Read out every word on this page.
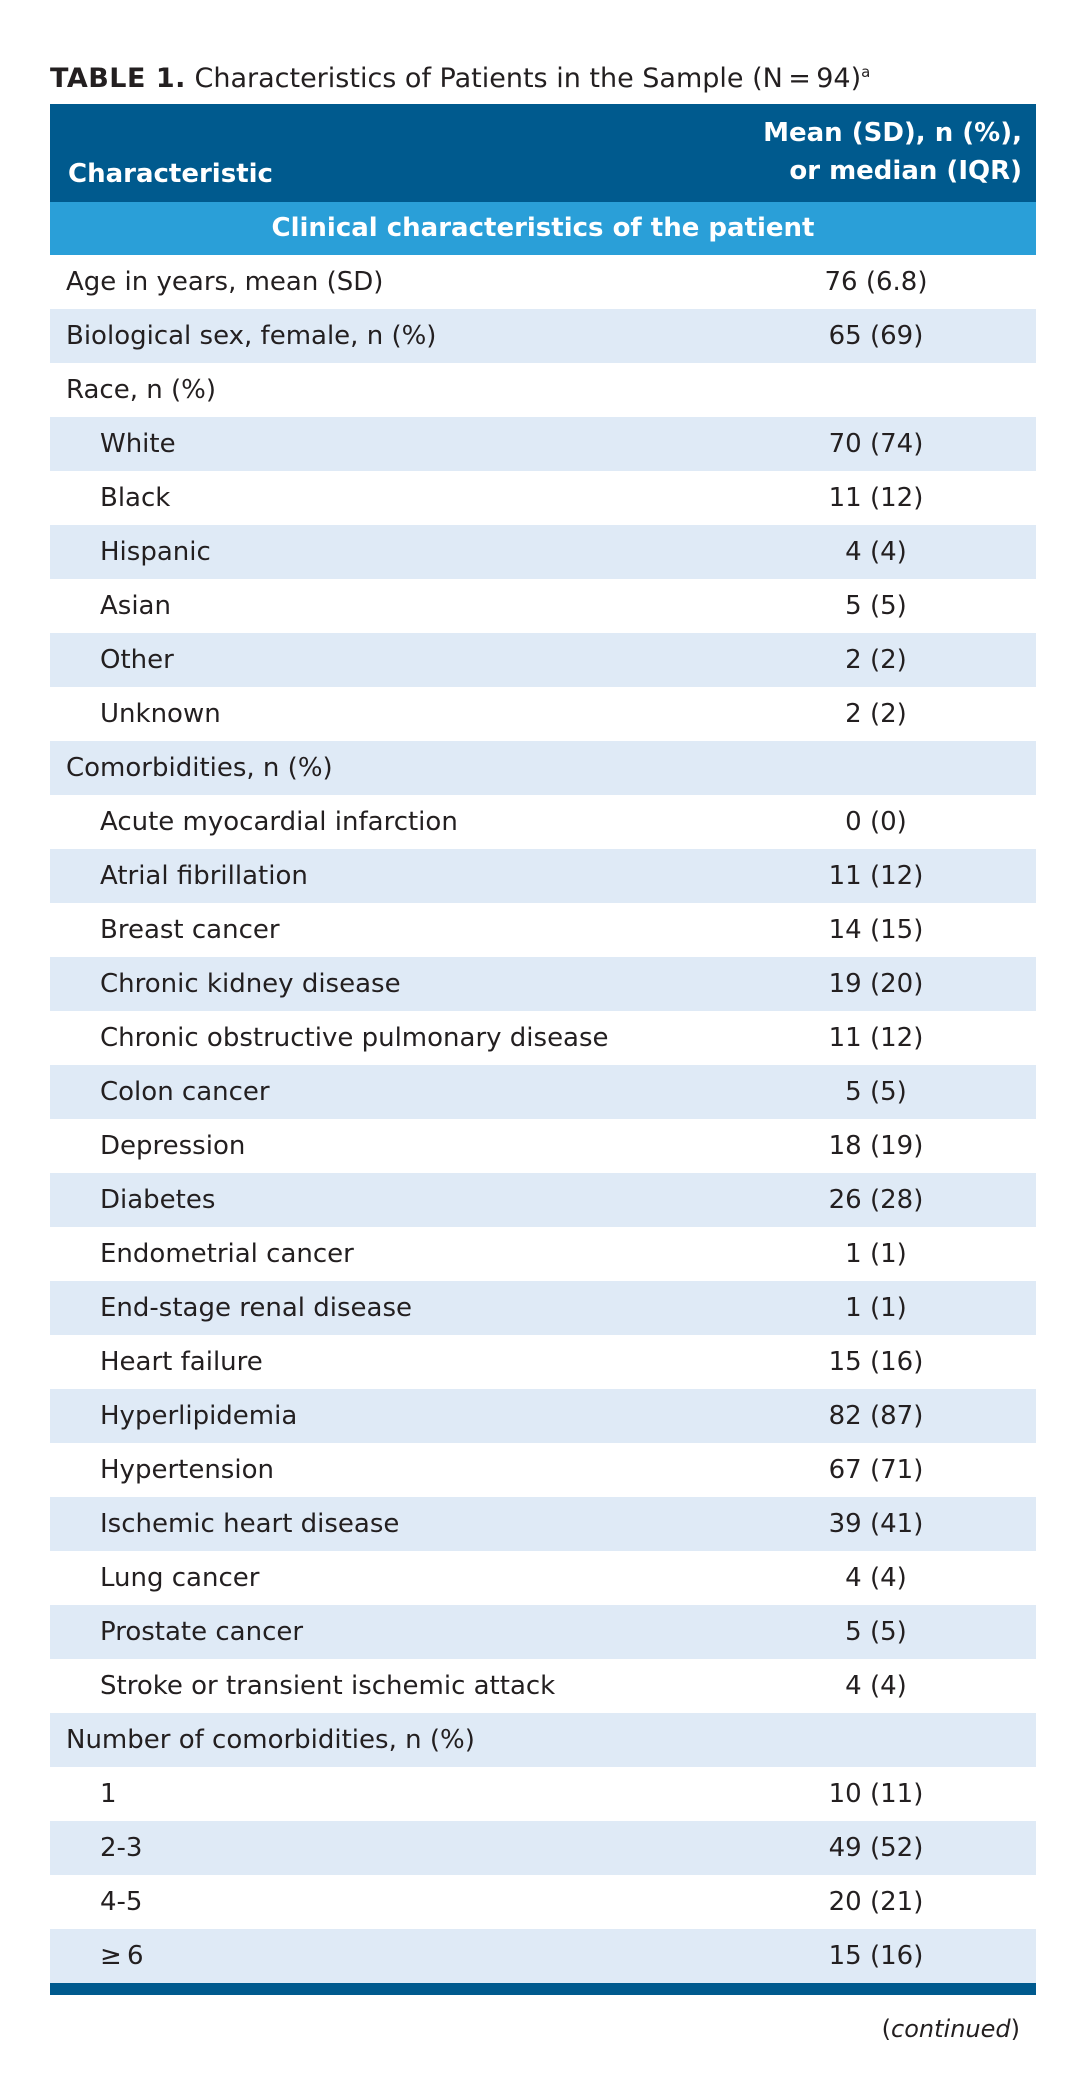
TABLE 1. Characteristics of Patients in the Sample (N = 94)$^a$
Characteristic
Mean (SD), n (%),
or median (IQR)
Clinical characteristics of the patient
Age in years, mean (SD)	76 (6.8)
Biological sex, female, n (%)	65 (69)
Race, n (%)
White	70 (74)
Black	11 (12)
Hispanic	4 (4)
Asian	5 (5)
Other	2 (2)
Unknown	2 (2)
Comorbidities, n (%)
Acute myocardial infarction	0 (0)
Atrial fibrillation	11 (12)
Breast cancer	14 (15)
Chronic kidney disease	19 (20)
Chronic obstructive pulmonary disease	11 (12)
Colon cancer	5 (5)
Depression	18 (19)
Diabetes	26 (28)
Endometrial cancer	1 (1)
End-stage renal disease	1 (1)
Heart failure	15 (16)
Hyperlipidemia	82 (87)
Hypertension	67 (71)
Ischemic heart disease	39 (41)
Lung cancer	4 (4)
Prostate cancer	5 (5)
Stroke or transient ischemic attack	4 (4)
Number of comorbidities, n (%)
1	10 (11)
2-3	49 (52)
4-5	20 (21)
≥ 6	15 (16)
(continued)
